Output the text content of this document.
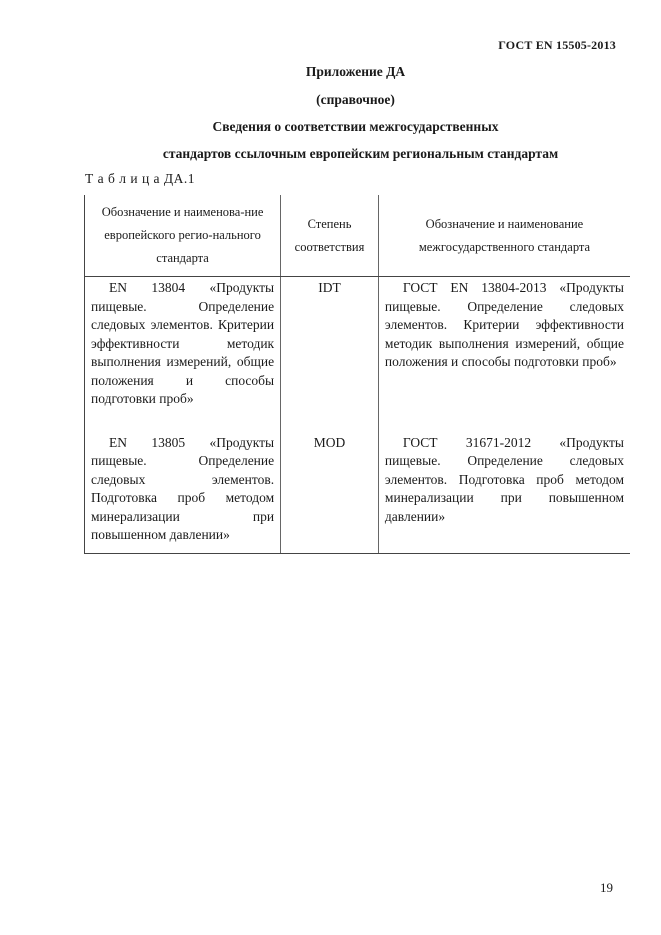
ГОСТ EN 15505-2013
Приложение ДА
(справочное)
Сведения о соответствии межгосударственных
стандартов ссылочным европейским региональным стандартам
Т а б л и ц а ДА.1
Обозначение и наименова-ние европейского регио-нального стандарта	Степень соответствия	Обозначение и наименование межгосударственного стандарта
EN 13804 «Продукты пищевые. Определение следовых элементов. Критерии эффективности методик выполнения измерений, общие положения и способы подготовки проб»	IDT	ГОСТ EN 13804-2013 «Продукты пищевые. Определение следовых элементов. Критерии эффективности методик выполнения измерений, общие положения и способы подготовки проб»
EN 13805 «Продукты пищевые. Определение следовых элементов. Подготовка проб методом минерализации при повышенном давлении»	MOD	ГОСТ 31671-2012 «Продукты пищевые. Определение следовых элементов. Подготовка проб методом минерализации при повышенном давлении»
19
